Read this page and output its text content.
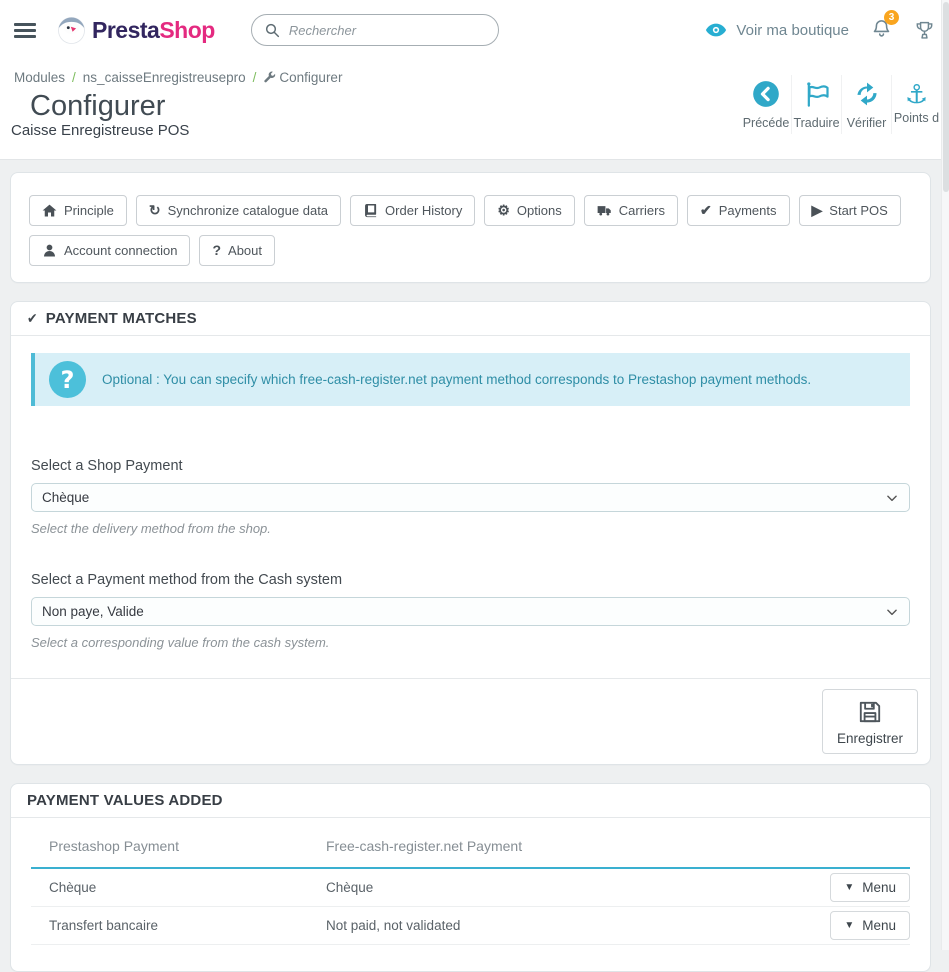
PrestaShop
Rechercher	Voir ma boutique
3
Modules / ns_caisseEnregistreusepro / Configurer
Configurer
Caisse Enregistreuse POS	Précéde Traduire Vérifier
⚓
Points d
Principle	↻ Synchronize catalogue data	Order History	⚙ Options	Carriers	✔ Payments	▶ Start POS
Account connection	? About
✔ PAYMENT MATCHES
?	Optional : You can specify which free-cash-register.net payment method corresponds to Prestashop payment methods.
Select a Shop Payment
Chèque
Select the delivery method from the shop.
Select a Payment method from the Cash system
Non paye, Valide
Select a corresponding value from the cash system.
Enregistrer
PAYMENT VALUES ADDED
Prestashop Payment	Free-cash-register.net Payment
Chèque	Chèque	▼ Menu
Transfert bancaire	Not paid, not validated	▼ Menu
